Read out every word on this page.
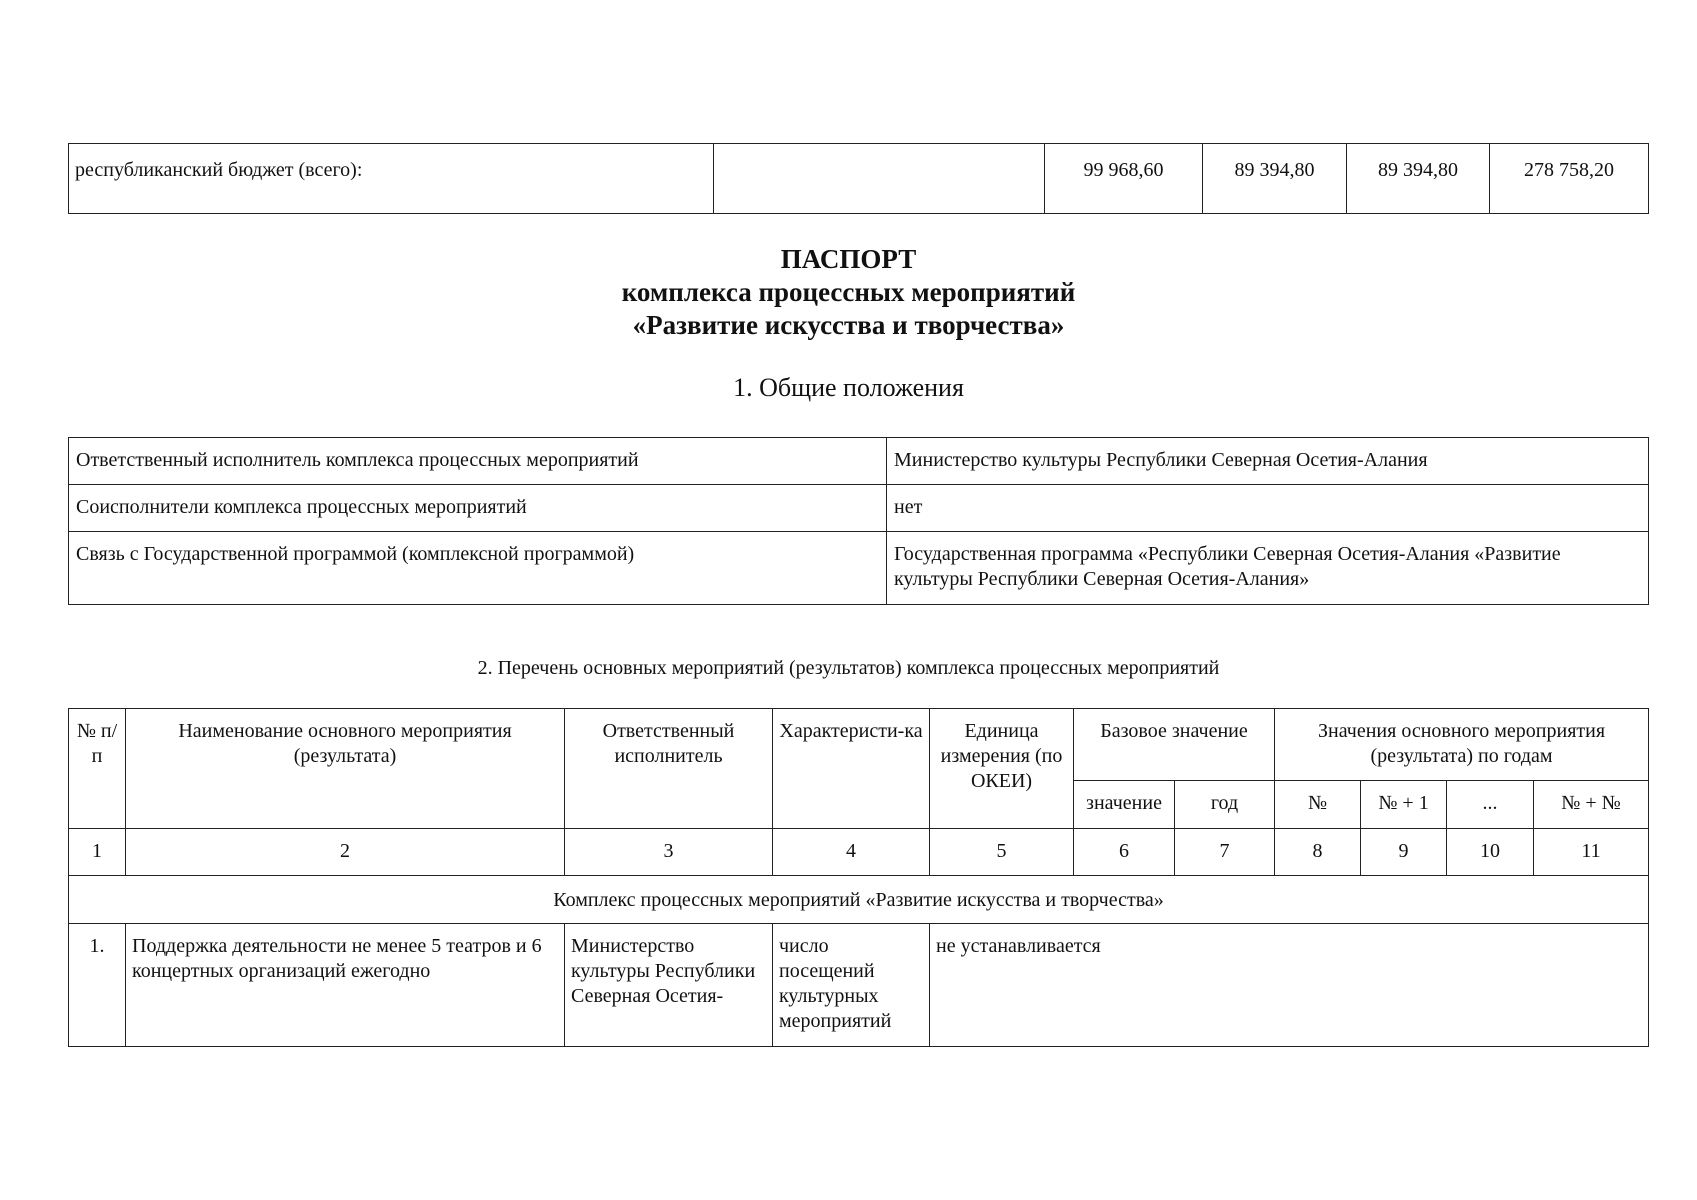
республиканский бюджет (всего):		99 968,60	89 394,80	89 394,80	278 758,20
ПАСПОРТ
комплекса процессных мероприятий
«Развитие искусства и творчества»
1. Общие положения
Ответственный исполнитель комплекса процессных мероприятий	Министерство культуры Республики Северная Осетия-Алания
Соисполнители комплекса процессных мероприятий	нет
Связь с Государственной программой (комплексной программой)	Государственная программа «Республики Северная Осетия-Алания «Развитие культуры Республики Северная Осетия-Алания»
2. Перечень основных мероприятий (результатов) комплекса процессных мероприятий
№ п/п	Наименование основного мероприятия (результата)	Ответственный исполнитель	Характеристи-ка	Единица измерения (по ОКЕИ)	Базовое значение		Значения основного мероприятия (результата) по годам			
					значение	год	№	№ + 1	...	№ + №
1	2	3	4	5	6	7	8	9	10	11
Комплекс процессных мероприятий «Развитие искусства и творчества»										
1.	Поддержка деятельности не менее 5 театров и 6 концертных организаций ежегодно	Министерство культуры Республики Северная Осетия-	число посещений культурных мероприятий	не устанавливается						
